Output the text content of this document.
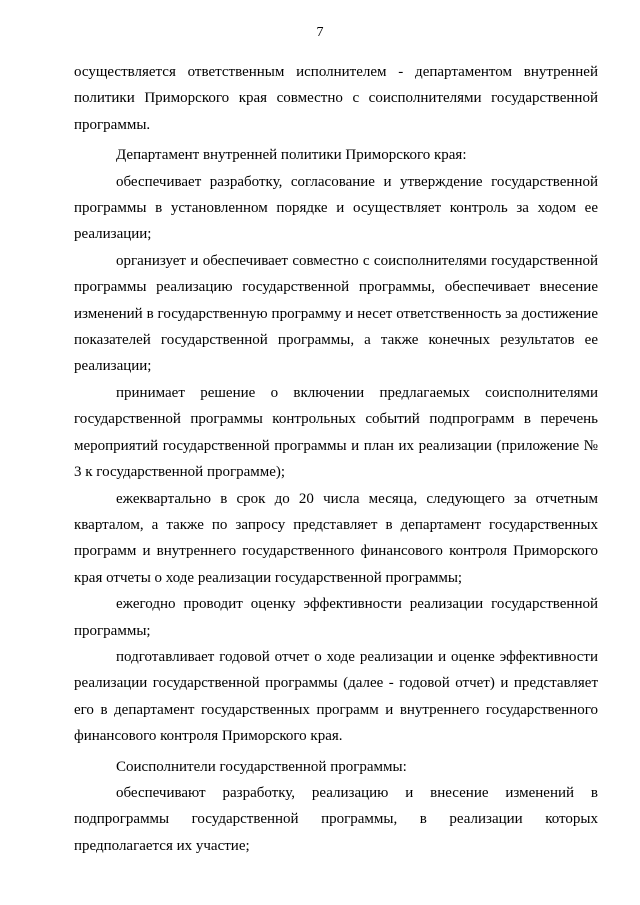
7

осуществляется ответственным исполнителем - департаментом внутренней политики Приморского края совместно с соисполнителями государственной программы.

Департамент внутренней политики Приморского края:

обеспечивает разработку, согласование и утверждение государственной программы в установленном порядке и осуществляет контроль за ходом ее реализации;

организует и обеспечивает совместно с соисполнителями государственной программы реализацию государственной программы, обеспечивает внесение изменений в государственную программу и несет ответственность за достижение показателей государственной программы, а также конечных результатов ее реализации;

принимает решение о включении предлагаемых соисполнителями государственной программы контрольных событий подпрограмм в перечень мероприятий государственной программы и план их реализации (приложение № 3 к государственной программе);

ежеквартально в срок до 20 числа месяца, следующего за отчетным кварталом, а также по запросу представляет в департамент государственных программ и внутреннего государственного финансового контроля Приморского края отчеты о ходе реализации государственной программы;

ежегодно проводит оценку эффективности реализации государственной программы;

подготавливает годовой отчет о ходе реализации и оценке эффективности реализации государственной программы (далее - годовой отчет) и представляет его в департамент государственных программ и внутреннего государственного финансового контроля Приморского края.

Соисполнители государственной программы:

обеспечивают разработку, реализацию и внесение изменений в подпрограммы государственной программы, в реализации которых предполагается их участие;
